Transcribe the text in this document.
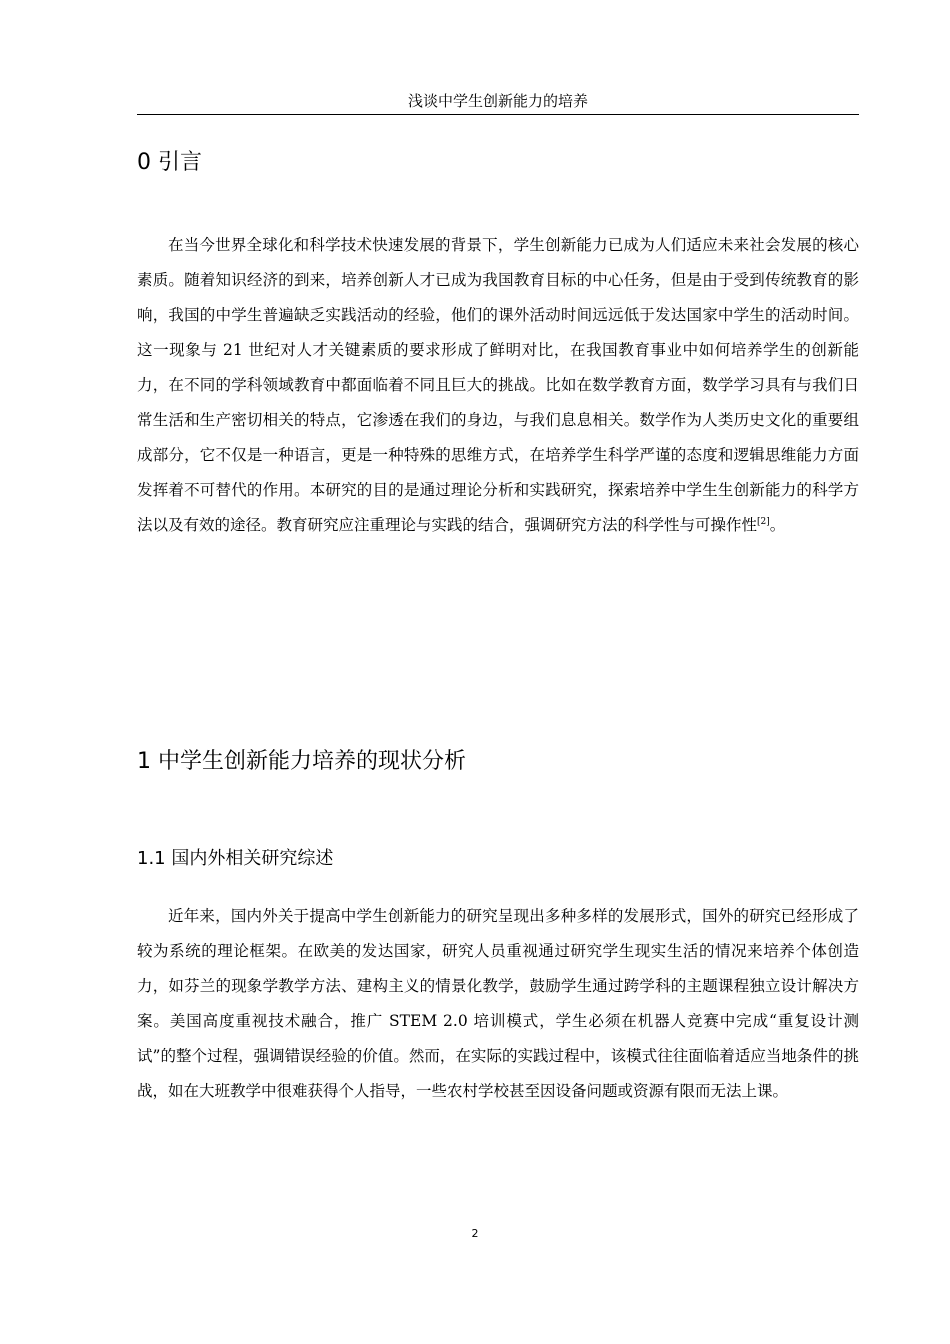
浅谈中学生创新能力的培养
0 引言

在当今世界全球化和科学技术快速发展的背景下，学生创新能力已成为人们适应未来社会发展的核心素质。随着知识经济的到来，培养创新人才已成为我国教育目标的中心任务，但是由于受到传统教育的影响，我国的中学生普遍缺乏实践活动的经验，他们的课外活动时间远远低于发达国家中学生的活动时间。这一现象与 21 世纪对人才关键素质的要求形成了鲜明对比，在我国教育事业中如何培养学生的创新能力，在不同的学科领域教育中都面临着不同且巨大的挑战。比如在数学教育方面，数学学习具有与我们日常生活和生产密切相关的特点，它渗透在我们的身边，与我们息息相关。数学作为人类历史文化的重要组成部分，它不仅是一种语言，更是一种特殊的思维方式，在培养学生科学严谨的态度和逻辑思维能力方面发挥着不可替代的作用。本研究的目的是通过理论分析和实践研究，探索培养中学生生创新能力的科学方法以及有效的途径。教育研究应注重理论与实践的结合，强调研究方法的科学性与可操作性[2]。

1 中学生创新能力培养的现状分析
1.1 国内外相关研究综述

近年来，国内外关于提高中学生创新能力的研究呈现出多种多样的发展形式，国外的研究已经形成了较为系统的理论框架。在欧美的发达国家，研究人员重视通过研究学生现实生活的情况来培养个体创造力，如芬兰的现象学教学方法、建构主义的情景化教学，鼓励学生通过跨学科的主题课程独立设计解决方案。美国高度重视技术融合，推广 STEM 2.0 培训模式，学生必须在机器人竞赛中完成“重复设计测试”的整个过程，强调错误经验的价值。然而，在实际的实践过程中，该模式往往面临着适应当地条件的挑战，如在大班教学中很难获得个人指导，一些农村学校甚至因设备问题或资源有限而无法上课。

2
